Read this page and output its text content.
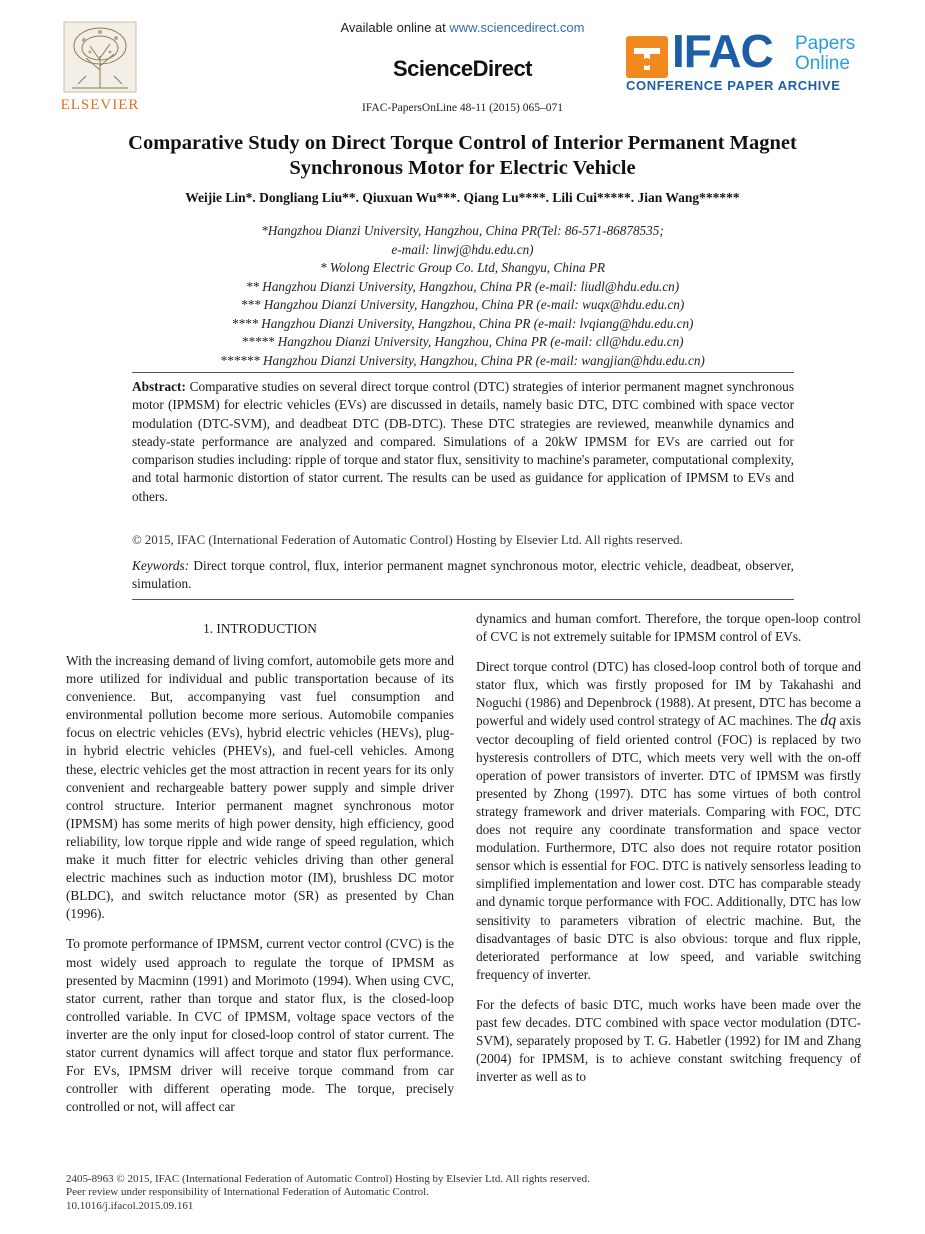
Available online at www.sciencedirect.com
ScienceDirect
ELSEVIER	IFAC-PapersOnLine 48-11 (2015) 065–071
IFAC Papers
Online
CONFERENCE PAPER ARCHIVE
Comparative Study on Direct Torque Control of Interior Permanent Magnet Synchronous Motor for Electric Vehicle
Weijie Lin*. Dongliang Liu**. Qiuxuan Wu***. Qiang Lu****. Lili Cui*****. Jian Wang******
*Hangzhou Dianzi University, Hangzhou, China PR(Tel: 86-571-86878535;
e-mail: linwj@hdu.edu.cn)
* Wolong Electric Group Co. Ltd, Shangyu, China PR
** Hangzhou Dianzi University, Hangzhou, China PR (e-mail: liudl@hdu.edu.cn)
*** Hangzhou Dianzi University, Hangzhou, China PR (e-mail: wuqx@hdu.edu.cn)
**** Hangzhou Dianzi University, Hangzhou, China PR (e-mail: lvqiang@hdu.edu.cn)
***** Hangzhou Dianzi University, Hangzhou, China PR (e-mail: cll@hdu.edu.cn)
****** Hangzhou Dianzi University, Hangzhou, China PR (e-mail: wangjian@hdu.edu.cn)
Abstract: Comparative studies on several direct torque control (DTC) strategies of interior permanent magnet synchronous motor (IPMSM) for electric vehicles (EVs) are discussed in details, namely basic DTC, DTC combined with space vector modulation (DTC-SVM), and deadbeat DTC (DB-DTC). These DTC strategies are reviewed, meanwhile dynamics and steady-state performance are analyzed and compared. Simulations of a 20kW IPMSM for EVs are carried out for comparison studies including: ripple of torque and stator flux, sensitivity to machine's parameter, computational complexity, and total harmonic distortion of stator current. The results can be used as guidance for application of IPMSM to EVs and others.
© 2015, IFAC (International Federation of Automatic Control) Hosting by Elsevier Ltd. All rights reserved.
Keywords: Direct torque control, flux, interior permanent magnet synchronous motor, electric vehicle, deadbeat, observer, simulation.
1. INTRODUCTION

With the increasing demand of living comfort, automobile gets more and more utilized for individual and public transportation because of its convenience. But, accompanying vast fuel consumption and environmental pollution become more serious. Automobile companies focus on electric vehicles (EVs), hybrid electric vehicles (HEVs), plug-in hybrid electric vehicles (PHEVs), and fuel-cell vehicles. Among these, electric vehicles get the most attraction in recent years for its only convenient and rechargeable battery power supply and simple driver control structure. Interior permanent magnet synchronous motor (IPMSM) has some merits of high power density, high efficiency, good reliability, low torque ripple and wide range of speed regulation, which make it much fitter for electric vehicles driving than other general electric machines such as induction motor (IM), brushless DC motor (BLDC), and switch reluctance motor (SR) as presented by Chan (1996).

To promote performance of IPMSM, current vector control (CVC) is the most widely used approach to regulate the torque of IPMSM as presented by Macminn (1991) and Morimoto (1994). When using CVC, stator current, rather than torque and stator flux, is the closed-loop controlled variable. In CVC of IPMSM, voltage space vectors of the inverter are the only input for closed-loop control of stator current. The stator current dynamics will affect torque and stator flux performance. For EVs, IPMSM driver will receive torque command from car controller with different operating mode. The torque, precisely controlled or not, will affect car

dynamics and human comfort. Therefore, the torque open-loop control of CVC is not extremely suitable for IPMSM control of EVs.

Direct torque control (DTC) has closed-loop control both of torque and stator flux, which was firstly proposed for IM by Takahashi and Noguchi (1986) and Depenbrock (1988). At present, DTC has become a powerful and widely used control strategy of AC machines. The dq axis vector decoupling of field oriented control (FOC) is replaced by two hysteresis controllers of DTC, which meets very well with the on-off operation of power transistors of inverter. DTC of IPMSM was firstly presented by Zhong (1997). DTC has some virtues of both control strategy framework and driver materials. Comparing with FOC, DTC does not require any coordinate transformation and space vector modulation. Furthermore, DTC also does not require rotator position sensor which is essential for FOC. DTC is natively sensorless leading to simplified implementation and lower cost. DTC has comparable steady and dynamic torque performance with FOC. Additionally, DTC has low sensitivity to parameters vibration of electric machine. But, the disadvantages of basic DTC is also obvious: torque and flux ripple, deteriorated performance at low speed, and variable switching frequency of inverter.

For the defects of basic DTC, much works have been made over the past few decades. DTC combined with space vector modulation (DTC-SVM), separately proposed by T. G. Habetler (1992) for IM and Zhang (2004) for IPMSM, is to achieve constant switching frequency of inverter as well as to

2405-8963 © 2015, IFAC (International Federation of Automatic Control) Hosting by Elsevier Ltd. All rights reserved.
Peer review under responsibility of International Federation of Automatic Control.
10.1016/j.ifacol.2015.09.161
